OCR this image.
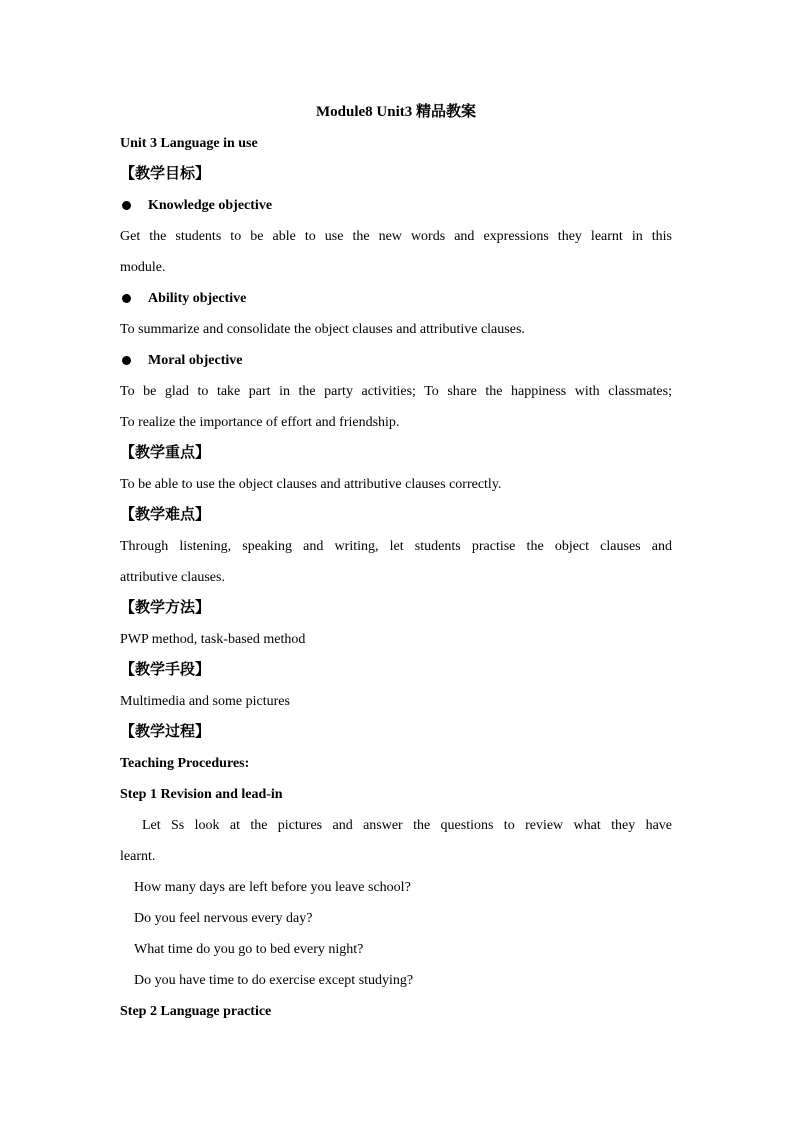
Module8 Unit3 精品教案
Unit 3 Language in use
【教学目标】
Knowledge objective
Get the students to be able to use the new words and expressions they learnt in this
module.
Ability objective
To summarize and consolidate the object clauses and attributive clauses.
Moral objective
To be glad to take part in the party activities; To share the happiness with classmates;
To realize the importance of effort and friendship.
【教学重点】
To be able to use the object clauses and attributive clauses correctly.
【教学难点】
Through listening, speaking and writing, let students practise the object clauses and
attributive clauses.
【教学方法】
PWP method, task-based method
【教学手段】
Multimedia and some pictures
【教学过程】
Teaching Procedures:
Step 1 Revision and lead-in
Let Ss look at the pictures and answer the questions to review what they have
learnt.
How many days are left before you leave school?
Do you feel nervous every day?
What time do you go to bed every night?
Do you have time to do exercise except studying?
Step 2 Language practice
